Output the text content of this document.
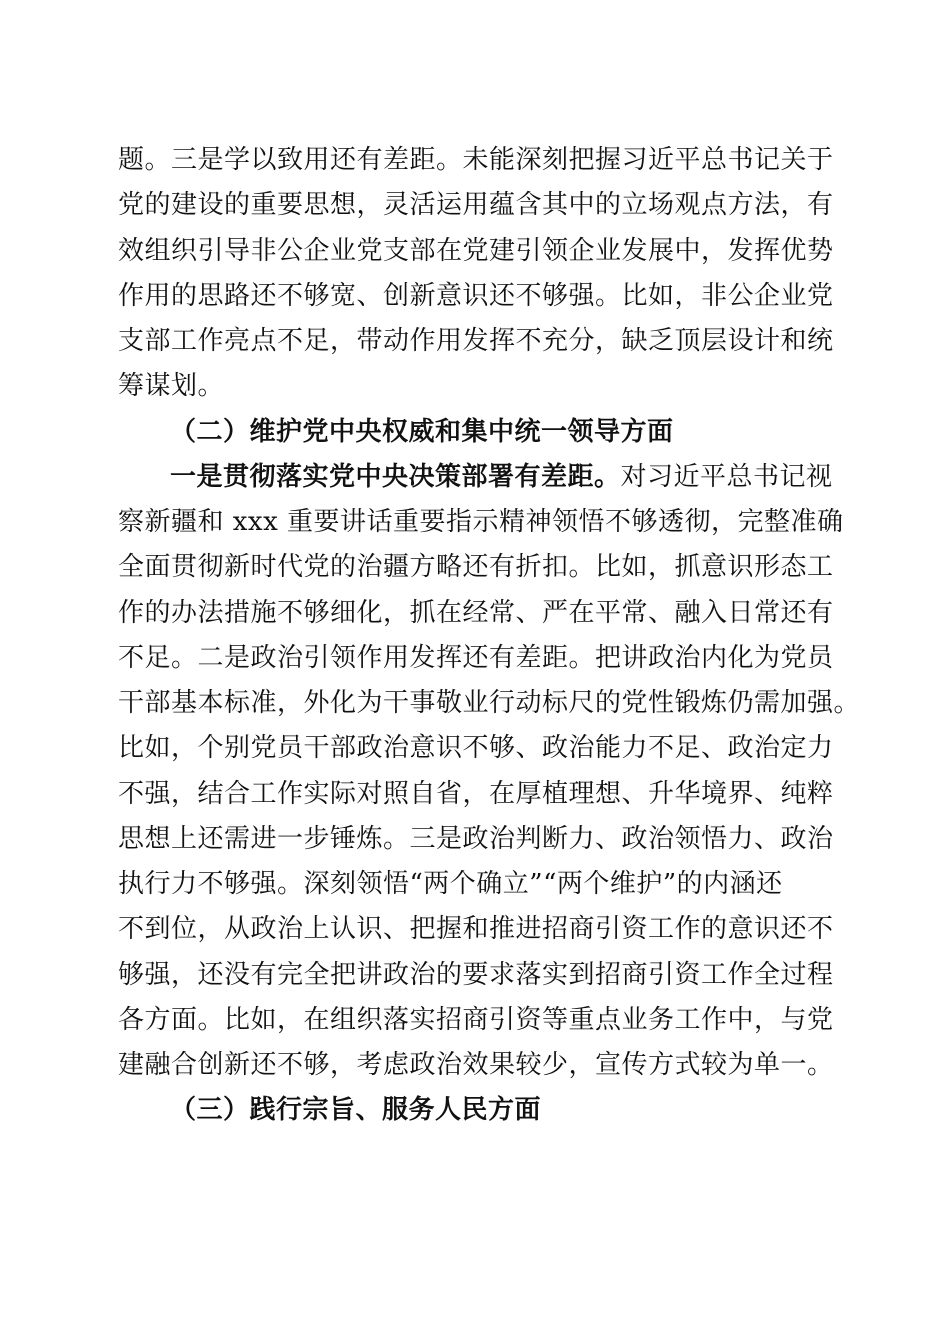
题。三是学以致用还有差距。未能深刻把握习近平总书记关于
党的建设的重要思想，灵活运用蕴含其中的立场观点方法，有
效组织引导非公企业党支部在党建引领企业发展中，发挥优势
作用的思路还不够宽、创新意识还不够强。比如，非公企业党
支部工作亮点不足，带动作用发挥不充分，缺乏顶层设计和统
筹谋划。
（二）维护党中央权威和集中统一领导方面
一是贯彻落实党中央决策部署有差距。对习近平总书记视
察新疆和 xxx 重要讲话重要指示精神领悟不够透彻，完整准确
全面贯彻新时代党的治疆方略还有折扣。比如，抓意识形态工
作的办法措施不够细化，抓在经常、严在平常、融入日常还有
不足。二是政治引领作用发挥还有差距。把讲政治内化为党员
干部基本标准，外化为干事敬业行动标尺的党性锻炼仍需加强。
比如，个别党员干部政治意识不够、政治能力不足、政治定力
不强，结合工作实际对照自省，在厚植理想、升华境界、纯粹
思想上还需进一步锤炼。三是政治判断力、政治领悟力、政治
执行力不够强。深刻领悟“两个确立”“两个维护”的内涵还
不到位，从政治上认识、把握和推进招商引资工作的意识还不
够强，还没有完全把讲政治的要求落实到招商引资工作全过程
各方面。比如，在组织落实招商引资等重点业务工作中，与党
建融合创新还不够，考虑政治效果较少，宣传方式较为单一。
（三）践行宗旨、服务人民方面
